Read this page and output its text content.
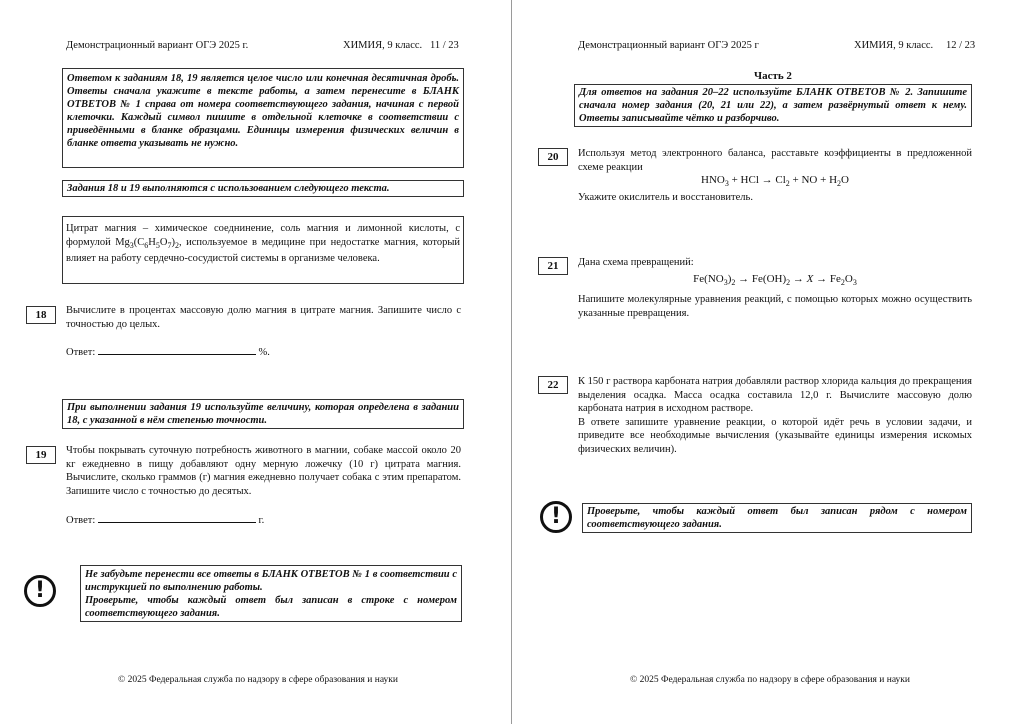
Демонстрационный вариант ОГЭ 2025 г.	ХИМИЯ, 9 класс. 11 / 23
Ответом к заданиям 18, 19 является целое число или конечная десятичная дробь. Ответы сначала укажите в тексте работы, а затем перенесите в БЛАНК ОТВЕТОВ № 1 справа от номера соответствующего задания, начиная с первой клеточки. Каждый символ пишите в отдельной клеточке в соответствии с приведёнными в бланке образцами. Единицы измерения физических величин в бланке ответа указывать не нужно.
Задания 18 и 19 выполняются с использованием следующего текста.
Цитрат магния – химическое соеднинение, соль магния и лимонной кислоты, с формулой $Mg_3(C_6H_5O_7)_2$, используемое в медицине при недостатке магния, который влияет на работу сердечно-сосудистой системы в организме человека.
18	Вычислите в процентах массовую долю магния в цитрате магния. Запишите число с точностью до целых.
Ответ:	%.
При выполнении задания 19 используйте величину, которая определена в задании 18, с указанной в нём степенью точности.
19	Чтобы покрывать суточную потребность животного в магнии, собаке массой около 20 кг ежедневно в пищу добавляют одну мерную ложечку (10 г) цитрата магния. Вычислите, сколько граммов (г) магния ежедневно получает собака с этим препаратом. Запишите число с точностью до десятых.
Ответ:	г.
!

Не забудьте перенести все ответы в БЛАНК ОТВЕТОВ № 1 в соответствии с инструкцией по выполнению работы.

Проверьте, чтобы каждый ответ был записан в строке с номером соответствующего задания.

© 2025 Федеральная служба по надзору в сфере образования и науки
Демонстрационный вариант ОГЭ 2025 г	ХИМИЯ, 9 класс. 12 / 23
Часть 2
Для ответов на задания 20–22 используйте БЛАНК ОТВЕТОВ № 2. Запишите сначала номер задания (20, 21 или 22), а затем развёрнутый ответ к нему. Ответы записывайте чётко и разборчиво.
20	Используя метод электронного баланса, расставьте коэффициенты в предложенной схеме реакции

$HNO_3$ + HCl → $Cl_2$ + NO + $H_2O$

Укажите окислитель и восстановитель.

21	Дана схема превращений:

$Fe(NO_3)_2 \to Fe(OH)_2 \to X \to Fe_2O_3$

Напишите молекулярные уравнения реакций, с помощью которых можно осуществить указанные превращения.

22	К 150 г раствора карбоната натрия добавляли раствор хлорида кальция до прекращения выделения осадка. Масса осадка составила 12,0 г. Вычислите массовую долю карбоната натрия в исходном растворе.

В ответе запишите уравнение реакции, о которой идёт речь в условии задачи, и приведите все необходимые вычисления (указывайте единицы измерения искомых физических величин).

!	Проверьте, чтобы каждый ответ был записан рядом с номером соответствующего задания.
© 2025 Федеральная служба по надзору в сфере образования и науки
